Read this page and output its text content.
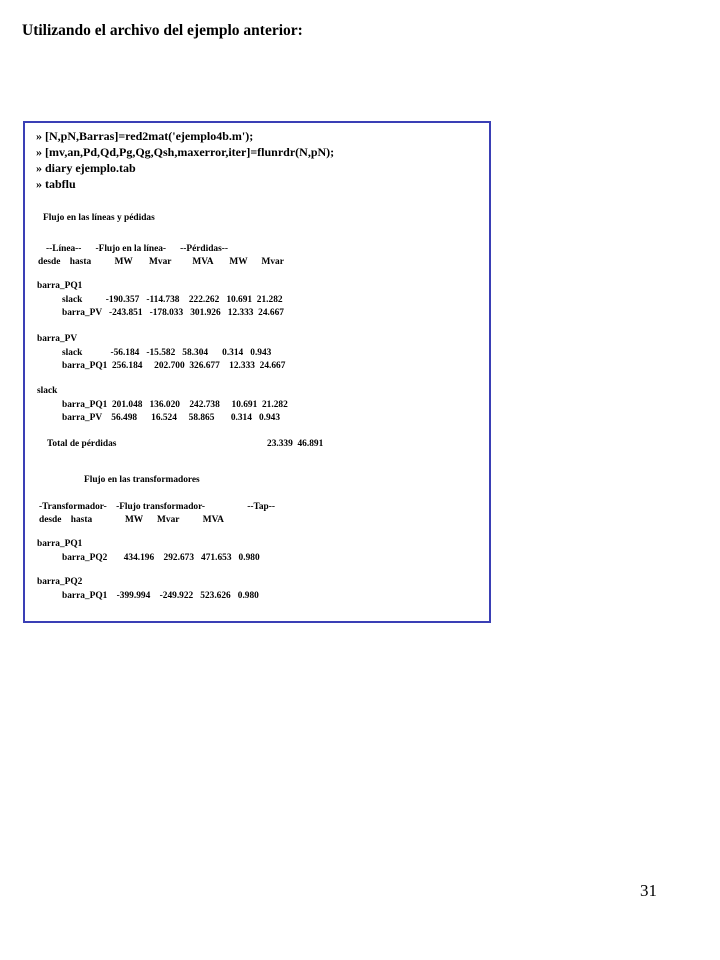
Utilizando el archivo del ejemplo anterior:
» [N,pN,Barras]=red2mat('ejemplo4b.m');
» [mv,an,Pd,Qd,Pg,Qg,Qsh,maxerror,iter]=flunrdr(N,pN);
» diary ejemplo.tab
» tabflu
Flujo en las líneas y pédidas
--Línea--      -Flujo en la línea-      --Pérdidas--
desde    hasta          MW       Mvar         MVA       MW      Mvar
barra_PQ1
slack          -190.357   -114.738    222.262   10.691  21.282
barra_PV   -243.851   -178.033   301.926   12.333  24.667
barra_PV
slack            -56.184   -15.582   58.304      0.314   0.943
barra_PQ1  256.184     202.700  326.677    12.333  24.667
slack
barra_PQ1  201.048   136.020    242.738     10.691  21.282
barra_PV    56.498      16.524     58.865       0.314   0.943
Total de pérdidas	23.339  46.891
Flujo en las transformadores
-Transformador-    -Flujo transformador-                  --Tap--
desde    hasta              MW      Mvar          MVA
barra_PQ1
barra_PQ2       434.196    292.673   471.653   0.980
barra_PQ2
barra_PQ1    -399.994    -249.922   523.626   0.980
31
